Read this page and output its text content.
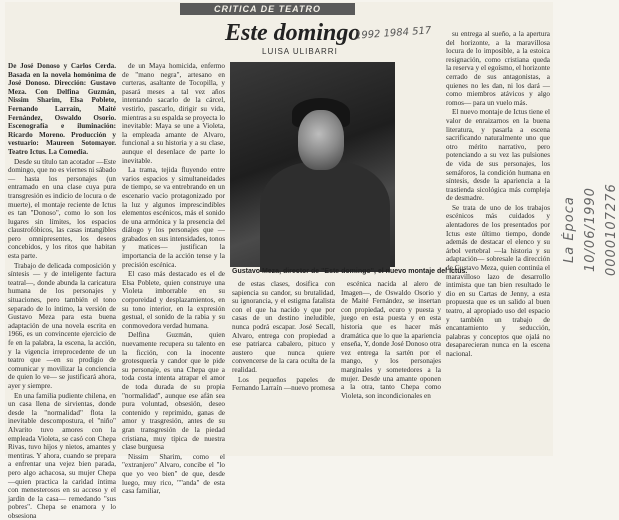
CRITICA DE TEATRO
Este domingo
LUISA ULIBARRI

De José Donoso y Carlos Cerda. Basada en la novela homónima de José Donoso. Dirección: Gustavo Meza. Con Delfina Guzmán, Nissim Sharim, Elsa Poblete, Fernando Larraín, Maité Fernández, Oswaldo Osorio. Escenografía e iluminación: Ricardo Moreno. Producción y vestuario: Maureen Sotomayor. Teatro Ictus. La Comedia.

Desde su título tan acotador —Este domingo, que no es viernes ni sábado— hasta los personajes (un entramado en una clase cuya pura transgresión es indicio de locura o de muerte), el montaje reciente de Ictus es tan "Donoso", como lo son los lugares sin límites, los espacios claustrofóbicos, las casas intangibles pero omnipresentes, los deseos concebidos, y los ritos que habitan esta parte.

Trabajo de delicada composición y síntesis — y de inteligente factura teatral—, donde abunda la caricatura humana de los personajes y situaciones, pero también el tono separado de lo íntimo, la versión de Gustavo Meza para esta buena adaptación de una novela escrita en 1966, es un convincente ejercicio de fe en la palabra, la escena, la acción, y la vigencia irreprocedente de un teatro que —en su prodigio de comunicar y movilizar la conciencia de quien lo ve— se justificará ahora, ayer y siempre.

En una familia pudiente chilena, en un casa llena de sirvientas, donde desde la "normalidad" flota la inevitable descompostura, el "niño" Alvarito tuvo amores con la empleada Violeta, se casó con Chepa Rivas, tuvo hijos y nietos, amantes y mentiras. Y ahora, cuando se prepara a enfrentar una vejez bien parada, pero algo achacosa, su mujer Chepa —quien practica la caridad íntima con menesterosos en su acceso y el jardín de la casa— remedando "sus pobres". Chepa se enamora y lo obsesiona

de un Maya homicida, enfermo de "mano negra", artesano en curteras, asaltante de Tocopilla, y pasará meses a tal vez años intentando sacarlo de la cárcel, vestirlo, pascarlo, dirigir su vida, mientras a su espalda se proyecta lo inevitable: Maya se une a Violeta, la empleada amante de Alvaro, funcional a su historia y a su clase, aunque el desenlace de parte lo inevitable.

La trama, tejida fluyendo entre varios espacios y simultaneidades de tiempo, se va entrebrando en un escenario vacío protagonizado por la luz y algunos imprescindibles elementos escénicos, más el sonido de una armónica y la presencia del diálogo y los personajes que —grabados en sus intensidades, tonos y matices— justifican la importancia de la acción tense y la precisión escénica.

El caso más destacado es el de Elsa Poblete, quien construye una Violeta imborrable en su corporeidad y desplazamientos, en su tono interior, en la expresión gestual, el sonido de la rabia y su conmovedora verdad humana.

Delfina Guzmán, quien nuevamente recupera su talento en la ficción, con la inocente grotesquería y candor que le pide su personaje, es una Chepa que a toda costa intenta atrapar el amor de toda durada de su propia "normalidad", aunque ese afán sea pura voluntad, obsesión, deseo contenido y reprimido, ganas de amor y trasgresión, antes de su gran transgresión de la piedad cristiana, muy típica de nuestra clase burguesa

Nissim Sharim, como el "extranjero" Alvaro, concibe el "lo que yo veo bien" de que, desde luego, muy rico, ""anda" de esta casa familiar,

Gustavo Meza, director de "Este domingo", el nuevo montaje del Ictus.

de estas clases, dosifica con sapiencia su candor, su brutalidad, su ignorancia, y el estigma fatalista con el que ha nacido y que por casas de un destino ineludible, nunca podrá escapar. José Secall, Alvaro, entrega con propiedad a ese patriarca cabalero, pituco y austero que nunca quiere convencerse de la cara oculta de la realidad.

Los pequeños papeles de Fernando Larraín —nuevo promesa

escénica nacida al alero de Imagen—, de Oswaldo Osorio y de Maité Fernández, se insertan con propiedad, ecuro y puesta y juego en esta puesta y en esta historia que es hacer más dramática que lo que la apariencia enseña, Y, donde José Donoso otra vez entrega la sartén por el mango, y los personajes marginales y sometedores a la mujer. Desde una amante oponen a la otra, tanto Chepa como Violeta, son incondicionales en

su entrega al sueño, a la apertura del horizonte, a la maravillosa locura de lo imposible, a la estoica resignación, como cristiana queda la reserva y el egoísmo, el horizonte cerrado de sus antagonistas, a quienes no les dan, ni los dará —como miembros atávicos y algo romos— para un vuelo más.

El nuevo montaje de Ictus tiene el valor de enraizarnos en la buena literatura, y pasarla a escena sacrificando naturalmente uno que otro mérito narrativo, pero potenciando a su vez las pulsiones de vida de sus personajes, los semáforos, la condición humana en síntesis, desde la apariencia a la trastienda sicológica más compleja de desmadre.

Se trata de uno de los trabajos escénicos más cuidados y alentadores de los presentados por Ictus este último tiempo, donde además de destacar el elenco y su árbol vertebral —la historia y su adaptación— sobresale la dirección de Gustavo Meza, quien continúa el maravilloso lazo de desarrollo intimista que tan bien resultado le dio en su Cartas de Jenny, a esta propuesta que es un salido al buen teatro, al apropiado uso del espacio y también un trabajo de encantamiento y seducción, palabras y conceptos que ojalá no desaparecieran nunca en la escena nacional.

1992 1984 517
La Época 10/06/1990 0000107276
